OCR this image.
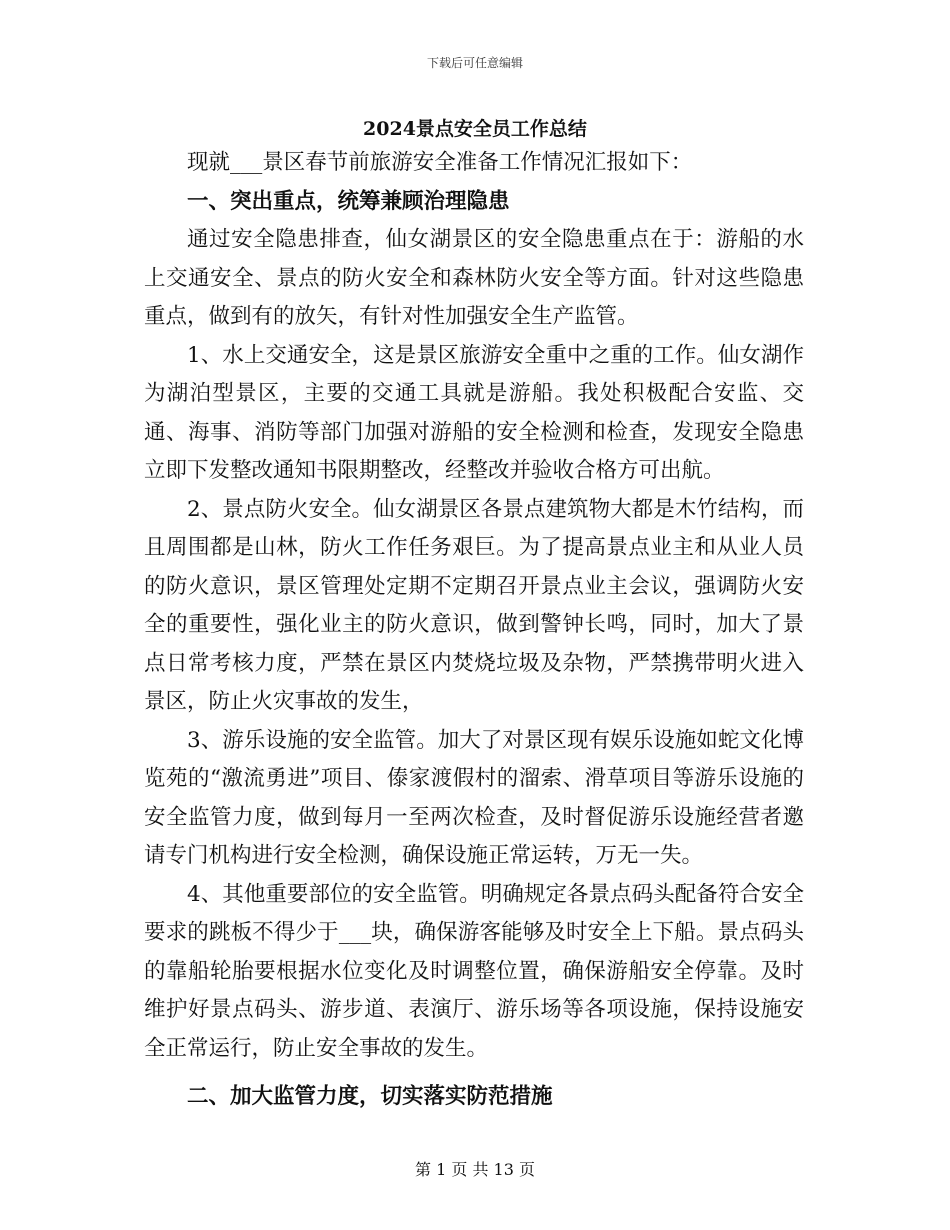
下载后可任意编辑
2024景点安全员工作总结

现就___景区春节前旅游安全准备工作情况汇报如下：

一、突出重点，统筹兼顾治理隐患

通过安全隐患排查，仙女湖景区的安全隐患重点在于：游船的水上交通安全、景点的防火安全和森林防火安全等方面。针对这些隐患重点，做到有的放矢，有针对性加强安全生产监管。

1、水上交通安全，这是景区旅游安全重中之重的工作。仙女湖作为湖泊型景区，主要的交通工具就是游船。我处积极配合安监、交通、海事、消防等部门加强对游船的安全检测和检查，发现安全隐患立即下发整改通知书限期整改，经整改并验收合格方可出航。

2、景点防火安全。仙女湖景区各景点建筑物大都是木竹结构，而且周围都是山林，防火工作任务艰巨。为了提高景点业主和从业人员的防火意识，景区管理处定期不定期召开景点业主会议，强调防火安全的重要性，强化业主的防火意识，做到警钟长鸣，同时，加大了景点日常考核力度，严禁在景区内焚烧垃圾及杂物，严禁携带明火进入景区，防止火灾事故的发生，

3、游乐设施的安全监管。加大了对景区现有娱乐设施如蛇文化博览苑的“激流勇进”项目、傣家渡假村的溜索、滑草项目等游乐设施的安全监管力度，做到每月一至两次检查，及时督促游乐设施经营者邀请专门机构进行安全检测，确保设施正常运转，万无一失。

4、其他重要部位的安全监管。明确规定各景点码头配备符合安全要求的跳板不得少于___块，确保游客能够及时安全上下船。景点码头的靠船轮胎要根据水位变化及时调整位置，确保游船安全停靠。及时维护好景点码头、游步道、表演厅、游乐场等各项设施，保持设施安全正常运行，防止安全事故的发生。

二、加大监管力度，切实落实防范措施
第 1 页 共 13 页
